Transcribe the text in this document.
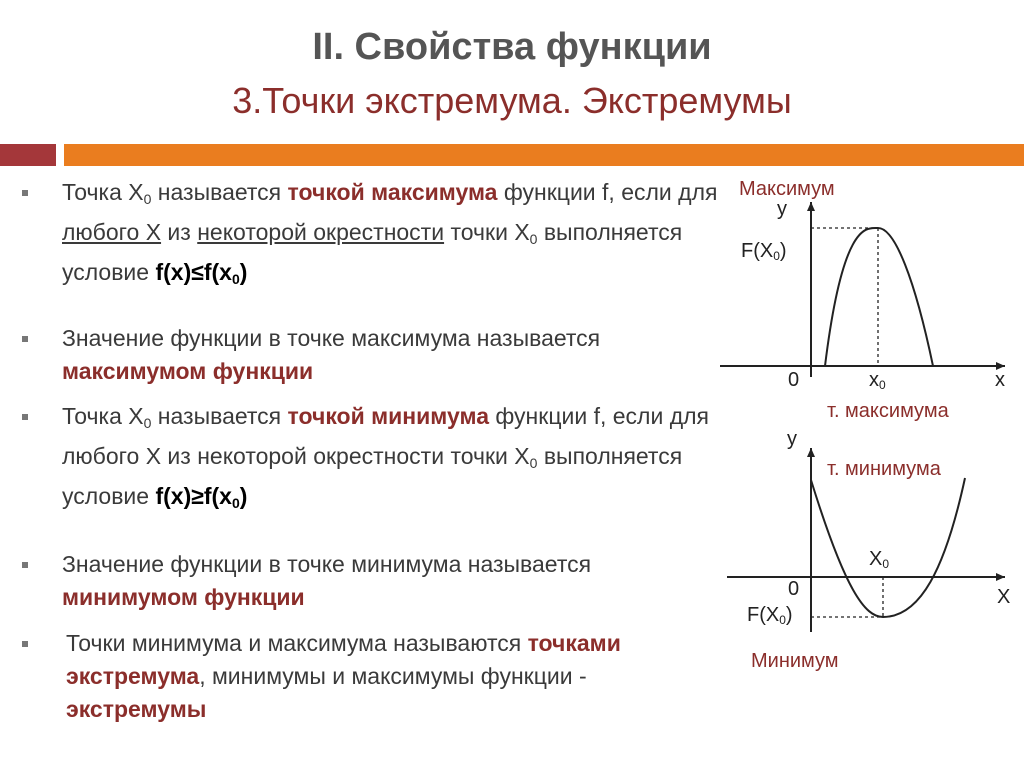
II. Свойства функции
3.Точки экстремума. Экстремумы
Точка $Х_0$ называется точкой максимума функции f, если для любого Х из некоторой окрестности точки $Х_0$ выполняется условие $f(x)\le f(x_0)$
Значение функции в точке максимума называется максимумом функции
Точка $Х_0$ называется точкой минимума функции f, если для любого Х из некоторой окрестности точки $Х_0$ выполняется условие $f(x)\ge f(x_0)$
Значение функции в точке минимума называется минимумом функции
Точки минимума и максимума называются точками экстремума, минимумы и максимумы функции - экстремумы
Максимум
у
$F(X_0)$
0	$x_0$	x
т. максимума
у
т. минимума
$X_0$
0	X
$F(X_0)$
Минимум
